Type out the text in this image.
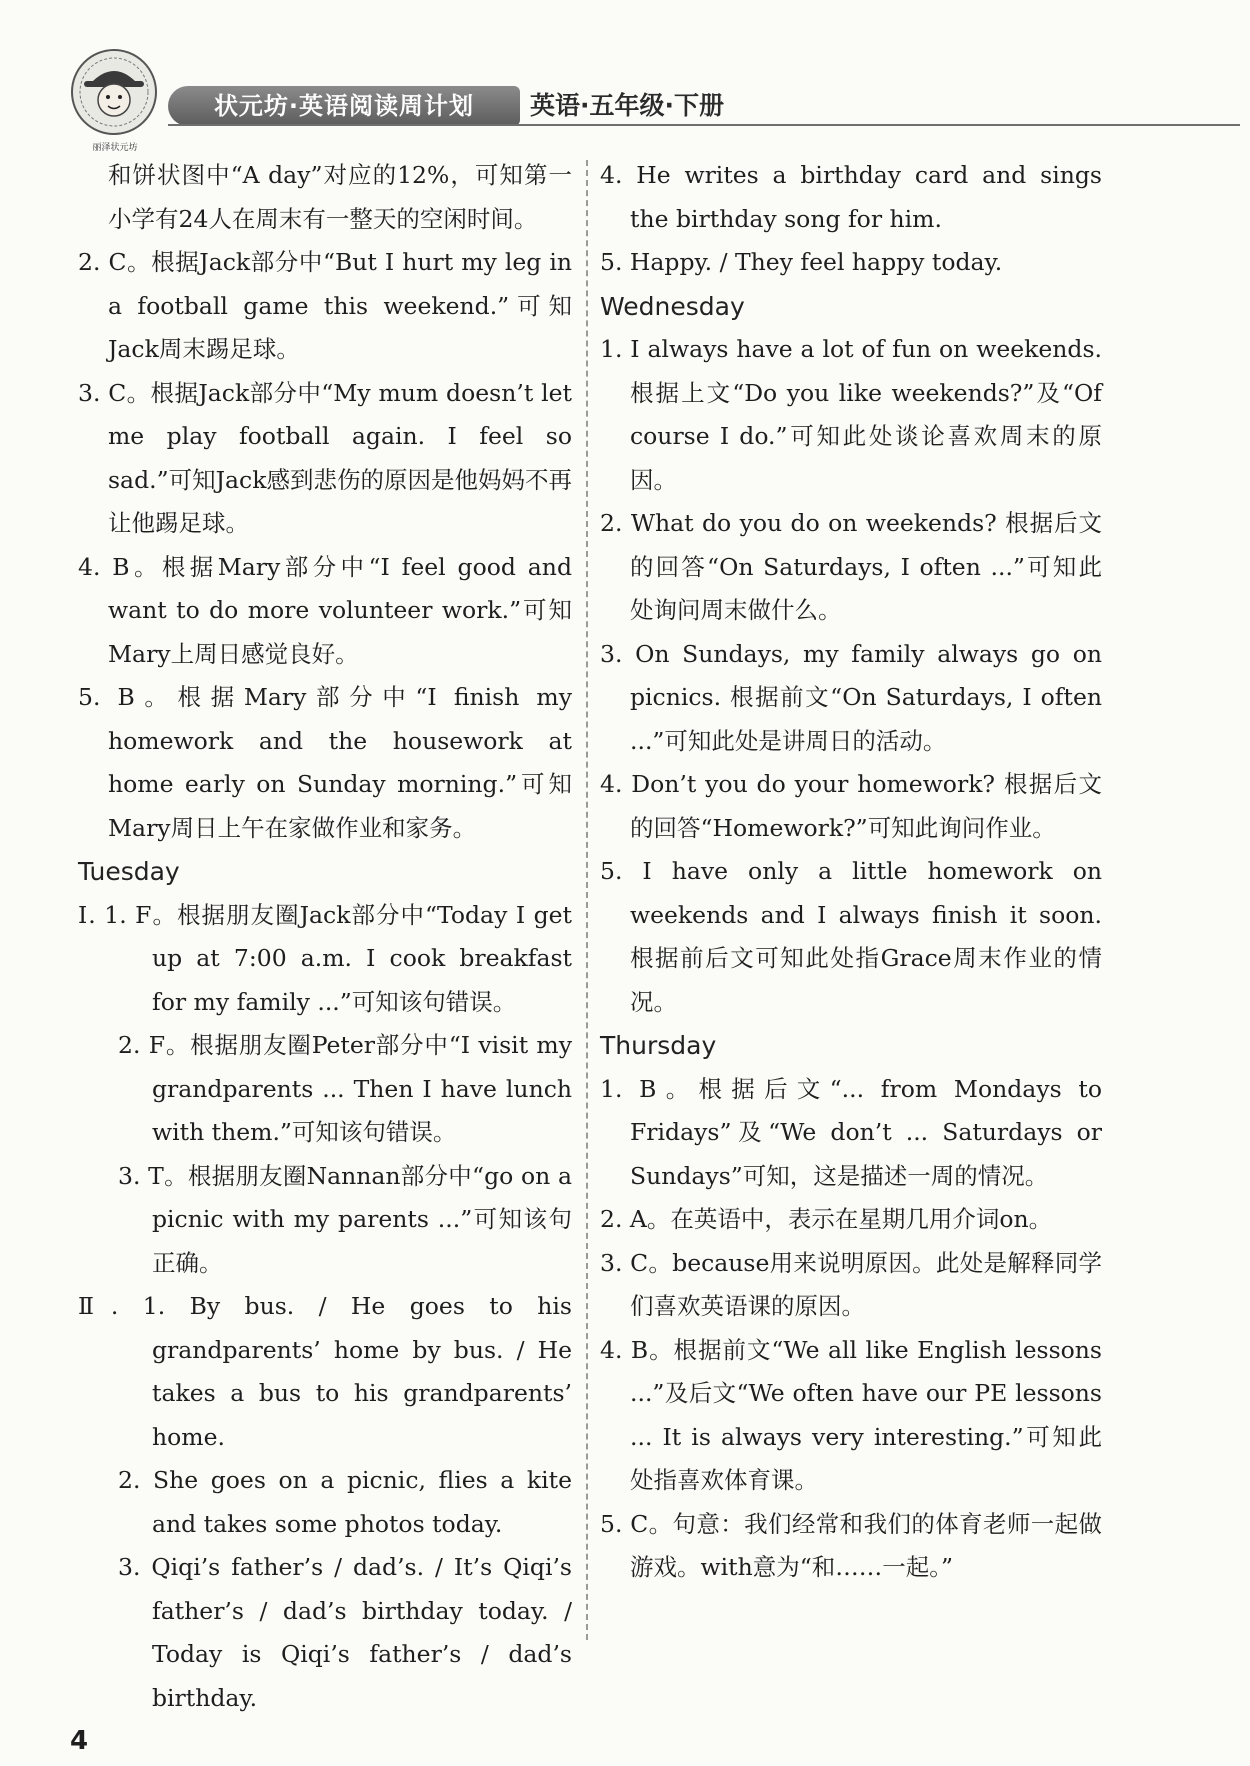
丽泽状元坊
状元坊·英语阅读周计划	英语·五年级·下册

和饼状图中“A day”对应的12%，可知第一小学有24人在周末有一整天的空闲时间。

2. C。根据Jack部分中“But I hurt my leg in a football game this weekend.”可知Jack周末踢足球。

3. C。根据Jack部分中“My mum doesn’t let me play football again. I feel so sad.”可知Jack感到悲伤的原因是他妈妈不再让他踢足球。

4. B。根据Mary部分中“I feel good and want to do more volunteer work.”可知Mary上周日感觉良好。

5. B。根据Mary部分中“I finish my homework and the housework at home early on Sunday morning.”可知Mary周日上午在家做作业和家务。

Tuesday

Ⅰ. 1. F。根据朋友圈Jack部分中“Today I get up at 7:00 a.m. I cook breakfast for my family ...”可知该句错误。

2. F。根据朋友圈Peter部分中“I visit my grandparents ... Then I have lunch with them.”可知该句错误。

3. T。根据朋友圈Nannan部分中“go on a picnic with my parents ...”可知该句正确。

Ⅱ. 1. By bus. / He goes to his grandparents’ home by bus. / He takes a bus to his grandparents’ home.

2. She goes on a picnic, flies a kite and takes some photos today.

3. Qiqi’s father’s / dad’s. / It’s Qiqi’s father’s / dad’s birthday today. / Today is Qiqi’s father’s / dad’s birthday.

4. He writes a birthday card and sings the birthday song for him.

5. Happy. / They feel happy today.

Wednesday

1. I always have a lot of fun on weekends. 根据上文“Do you like weekends?”及“Of course I do.”可知此处谈论喜欢周末的原因。

2. What do you do on weekends? 根据后文的回答“On Saturdays, I often ...”可知此处询问周末做什么。

3. On Sundays, my family always go on picnics. 根据前文“On Saturdays, I often ...”可知此处是讲周日的活动。

4. Don’t you do your homework? 根据后文的回答“Homework?”可知此询问作业。

5. I have only a little homework on weekends and I always finish it soon. 根据前后文可知此处指Grace周末作业的情况。

Thursday

1. B。根据后文“... from Mondays to Fridays”及“We don’t ... Saturdays or Sundays”可知，这是描述一周的情况。

2. A。在英语中，表示在星期几用介词on。

3. C。because用来说明原因。此处是解释同学们喜欢英语课的原因。

4. B。根据前文“We all like English lessons ...”及后文“We often have our PE lessons ... It is always very interesting.”可知此处指喜欢体育课。

5. C。句意：我们经常和我们的体育老师一起做游戏。with意为“和……一起。”

4
